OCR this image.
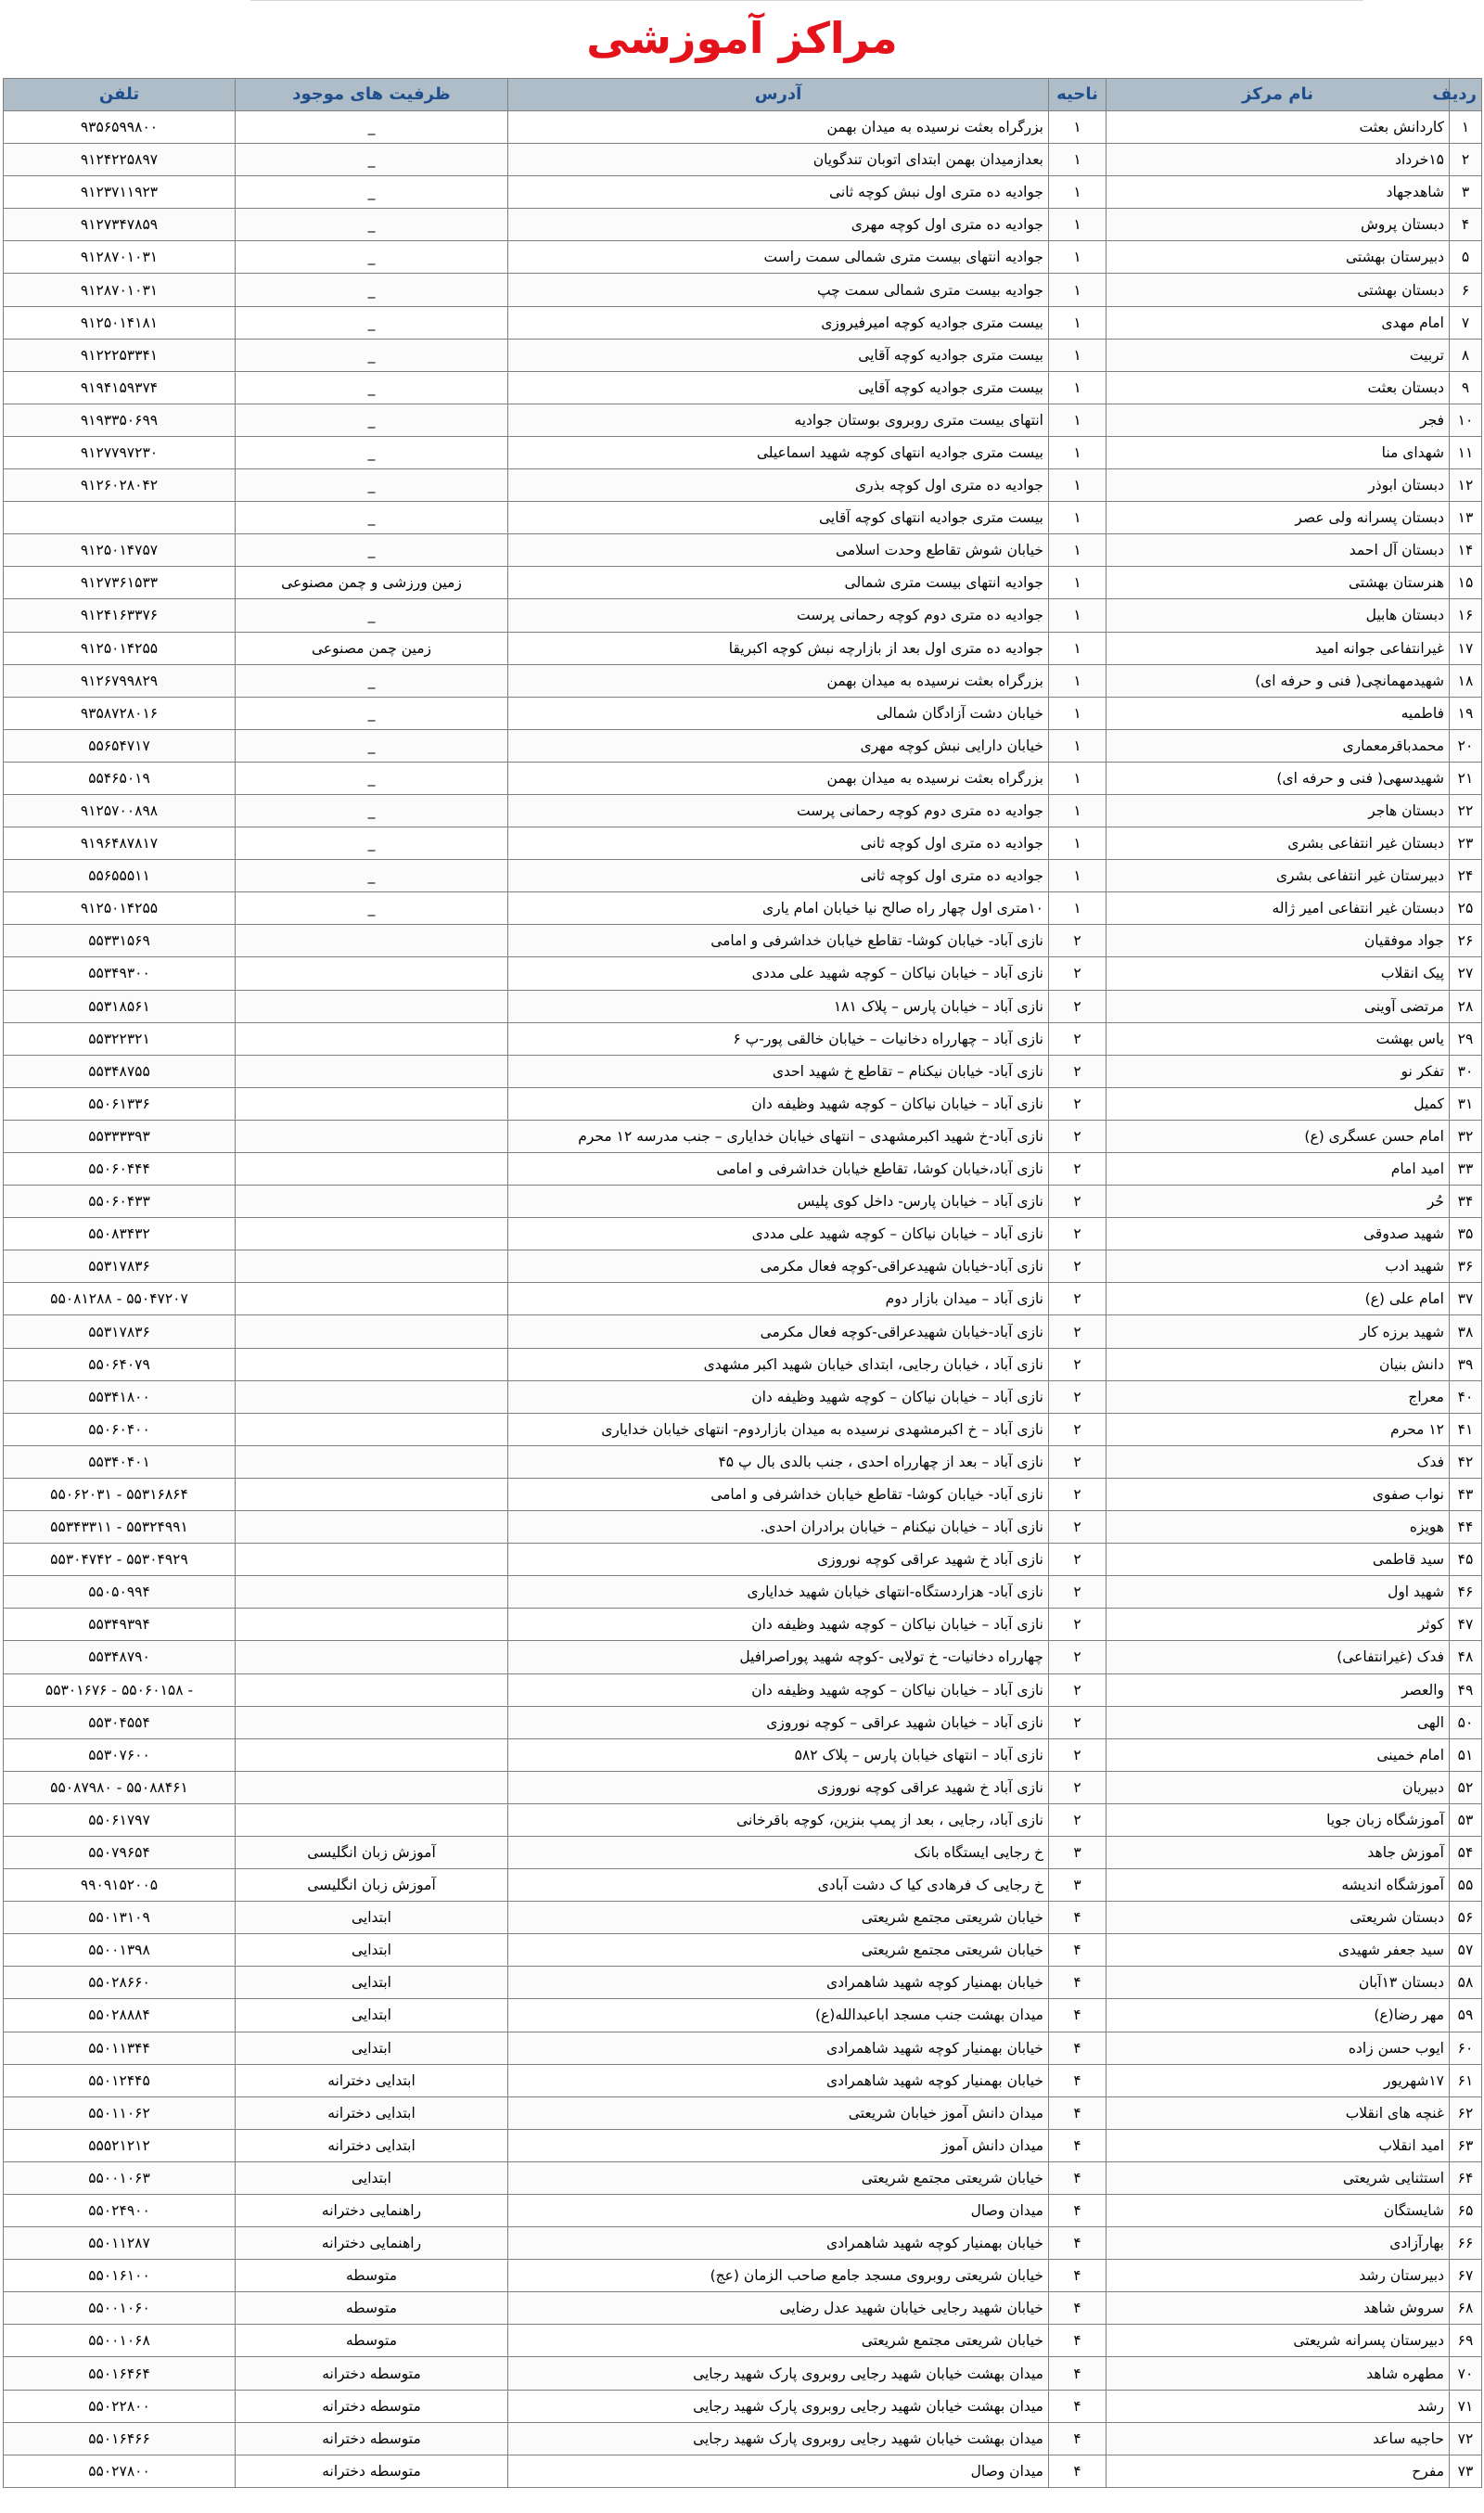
مراکز آموزشی
ردیف	نام مرکز	ناحیه	آدرس	ظرفیت های موجود	تلفن
۱	کاردانش بعثت	۱	بزرگراه بعثت نرسیده به میدان بهمن	_	۹۳۵۶۵۹۹۸۰۰
۲	۱۵خرداد	۱	بعدازمیدان بهمن ابتدای اتوبان تندگویان	_	۹۱۲۴۲۲۵۸۹۷
۳	شاهدجهاد	۱	جوادیه ده متری اول نبش کوچه ثانی	_	۹۱۲۳۷۱۱۹۲۳
۴	دبستان پروش	۱	جوادیه ده متری اول کوچه مهری	_	۹۱۲۷۳۴۷۸۵۹
۵	دبیرستان بهشتی	۱	جوادیه انتهای بیست متری شمالی سمت راست	_	۹۱۲۸۷۰۱۰۳۱
۶	دبستان بهشتی	۱	جوادیه بیست متری شمالی سمت چپ	_	۹۱۲۸۷۰۱۰۳۱
۷	امام مهدی	۱	بیست متری جوادیه کوچه امیرفیروزی	_	۹۱۲۵۰۱۴۱۸۱
۸	تربیت	۱	بیست متری جوادیه کوچه آقایی	_	۹۱۲۲۲۵۳۳۴۱
۹	دبستان بعثت	۱	بیست متری جوادیه کوچه آقایی	_	۹۱۹۴۱۵۹۳۷۴
۱۰	فجر	۱	انتهای بیست متری روبروی بوستان جوادیه	_	۹۱۹۳۳۵۰۶۹۹
۱۱	شهدای منا	۱	بیست متری جوادیه انتهای کوچه شهید اسماعیلی	_	۹۱۲۷۷۹۷۲۳۰
۱۲	دبستان ابوذر	۱	جوادیه ده متری اول کوچه بذری	_	۹۱۲۶۰۲۸۰۴۲
۱۳	دبستان پسرانه ولی عصر	۱	بیست متری جوادیه انتهای کوچه آقایی	_	
۱۴	دبستان آل احمد	۱	خیابان شوش تقاطع وحدت اسلامی	_	۹۱۲۵۰۱۴۷۵۷
۱۵	هنرستان بهشتی	۱	جوادیه انتهای بیست متری شمالی	زمین ورزشی و چمن مصنوعی	۹۱۲۷۳۶۱۵۳۳
۱۶	دبستان هابیل	۱	جوادیه ده متری دوم کوچه رحمانی پرست	_	۹۱۲۴۱۶۳۳۷۶
۱۷	غیرانتفاعی جوانه امید	۱	جوادیه ده متری اول بعد از بازارچه نبش کوچه اکبریقا	زمین چمن مصنوعی	۹۱۲۵۰۱۴۲۵۵
۱۸	شهیدمهمانچی( فنی و حرفه ای)	۱	بزرگراه بعثت نرسیده به میدان بهمن	_	۹۱۲۶۷۹۹۸۲۹
۱۹	فاطمیه	۱	خیابان دشت آزادگان شمالی	_	۹۳۵۸۷۲۸۰۱۶
۲۰	محمدباقرمعماری	۱	خیابان دارایی نبش کوچه مهری	_	۵۵۶۵۴۷۱۷
۲۱	شهیدسهی( فنی و حرفه ای)	۱	بزرگراه بعثت نرسیده به میدان بهمن	_	۵۵۴۶۵۰۱۹
۲۲	دبستان هاجر	۱	جوادیه ده متری دوم کوچه رحمانی پرست	_	۹۱۲۵۷۰۰۸۹۸
۲۳	دبستان غیر انتفاعی بشری	۱	جوادیه ده متری اول کوچه ثانی	_	۹۱۹۶۴۸۷۸۱۷
۲۴	دبیرستان غیر انتفاعی بشری	۱	جوادیه ده متری اول کوچه ثانی	_	۵۵۶۵۵۵۱۱
۲۵	دبستان غیر انتفاعی امیر ژاله	۱	۱۰متری اول چهار راه صالح نیا خیابان امام یاری	_	۹۱۲۵۰۱۴۲۵۵
۲۶	جواد موفقیان	۲	نازی آباد- خیابان کوشا- تقاطع خیابان خداشرفی و امامی		۵۵۳۳۱۵۶۹
۲۷	پیک انقلاب	۲	نازی آباد – خیابان نیاکان – کوچه شهید علی مددی		۵۵۳۴۹۳۰۰
۲۸	مرتضی آوینی	۲	نازی آباد – خیابان پارس – پلاک ۱۸۱		۵۵۳۱۸۵۶۱
۲۹	یاس بهشت	۲	نازی آباد – چهارراه دخانیات – خیابان خالقی پور-پ ۶		۵۵۳۲۲۳۲۱
۳۰	تفکر نو	۲	نازی آباد- خیابان نیکنام – تقاطع خ شهید احدی		۵۵۳۴۸۷۵۵
۳۱	کمیل	۲	نازی آباد – خیابان نیاکان – کوچه شهید وظیفه دان		۵۵۰۶۱۳۳۶
۳۲	امام حسن عسگری (ع)	۲	نازی آباد-خ شهید اکبرمشهدی – انتهای خیابان خدایاری – جنب مدرسه ۱۲ محرم		۵۵۳۳۳۳۹۳
۳۳	امید امام	۲	نازی آباد،خیابان کوشا، تقاطع خیابان خداشرفی و امامی		۵۵۰۶۰۴۴۴
۳۴	حُر	۲	نازی آباد – خیابان پارس- داخل کوی پلیس		۵۵۰۶۰۴۳۳
۳۵	شهید صدوقی	۲	نازی آباد – خیابان نیاکان – کوچه شهید علی مددی		۵۵۰۸۳۴۳۲
۳۶	شهید ادب	۲	نازی آباد-خیابان شهیدعراقی-کوچه فعال مکرمی		۵۵۳۱۷۸۳۶
۳۷	امام علی (ع)	۲	نازی آباد – میدان بازار دوم		۵۵۰۸۱۲۸۸ - ۵۵۰۴۷۲۰۷
۳۸	شهید برزه کار	۲	نازی آباد-خیابان شهیدعراقی-کوچه فعال مکرمی		۵۵۳۱۷۸۳۶
۳۹	دانش بنیان	۲	نازی آباد ، خیابان رجایی، ابتدای خیابان شهید اکبر مشهدی		۵۵۰۶۴۰۷۹
۴۰	معراج	۲	نازی آباد – خیابان نیاکان – کوچه شهید وظیفه دان		۵۵۳۴۱۸۰۰
۴۱	۱۲ محرم	۲	نازی آباد – خ اکبرمشهدی نرسیده به میدان بازاردوم- انتهای خیابان خدایاری		۵۵۰۶۰۴۰۰
۴۲	فدک	۲	نازی آباد – بعد از چهارراه احدی ، جنب بالدی بال پ ۴۵		۵۵۳۴۰۴۰۱
۴۳	نواب صفوی	۲	نازی آباد- خیابان کوشا- تقاطع خیابان خداشرفی و امامی		۵۵۰۶۲۰۳۱ - ۵۵۳۱۶۸۶۴
۴۴	هویزه	۲	نازی آباد – خیابان نیکنام – خیابان برادران احدی.		۵۵۳۴۳۳۱۱ - ۵۵۳۲۴۹۹۱
۴۵	سید قاطمی	۲	نازی آباد خ شهید عراقی کوچه نوروزی		۵۵۳۰۴۷۴۲ - ۵۵۳۰۴۹۲۹
۴۶	شهید اول	۲	نازی آباد- هزاردستگاه-انتهای خیابان شهید خدایاری		۵۵۰۵۰۹۹۴
۴۷	کوثر	۲	نازی آباد – خیابان نیاکان – کوچه شهید وظیفه دان		۵۵۳۴۹۳۹۴
۴۸	فدک (غیرانتفاعی)	۲	چهارراه دخانیات- خ تولایی -کوچه شهید پوراصرافیل		۵۵۳۴۸۷۹۰
۴۹	والعصر	۲	نازی آباد – خیابان نیاکان – کوچه شهید وظیفه دان		۵۵۳۰۱۶۷۶ - ۵۵۰۶۰۱۵۸ -
۵۰	الهی	۲	نازی آباد – خیابان شهید عراقی – کوچه نوروزی		۵۵۳۰۴۵۵۴
۵۱	امام خمینی	۲	نازی آباد – انتهای خیابان پارس – پلاک ۵۸۲		۵۵۳۰۷۶۰۰
۵۲	دبیریان	۲	نازی آباد خ شهید عراقی کوچه نوروزی		۵۵۰۸۷۹۸۰ - ۵۵۰۸۸۴۶۱
۵۳	آموزشگاه زبان جویا	۲	نازی آباد، رجایی ، بعد از پمپ بنزین، کوچه باقرخانی		۵۵۰۶۱۷۹۷
۵۴	آموزش جاهد	۳	خ رجایی ایستگاه بانک	آموزش زبان انگلیسی	۵۵۰۷۹۶۵۴
۵۵	آموزشگاه اندیشه	۳	خ رجایی ک فرهادی کیا ک دشت آبادی	آموزش زبان انگلیسی	۹۹۰۹۱۵۲۰۰۵
۵۶	دبستان شریعتی	۴	خیابان شریعتی مجتمع شریعتی	ابتدایی	۵۵۰۱۳۱۰۹
۵۷	سید جعفر شهیدی	۴	خیابان شریعتی مجتمع شریعتی	ابتدایی	۵۵۰۰۱۳۹۸
۵۸	دبستان ۱۳آبان	۴	خیابان بهمنیار کوچه شهید شاهمرادی	ابتدایی	۵۵۰۲۸۶۶۰
۵۹	مهر رضا(ع)	۴	میدان بهشت جنب مسجد اباعبدالله(ع)	ابتدایی	۵۵۰۲۸۸۸۴
۶۰	ایوب حسن زاده	۴	خیابان بهمنیار کوچه شهید شاهمرادی	ابتدایی	۵۵۰۱۱۳۴۴
۶۱	۱۷شهریور	۴	خیابان بهمنیار کوچه شهید شاهمرادی	ابتدایی دخترانه	۵۵۰۱۲۴۴۵
۶۲	غنچه های انقلاب	۴	میدان دانش آموز خیابان شریعتی	ابتدایی دخترانه	۵۵۰۱۱۰۶۲
۶۳	امید انقلاب	۴	میدان دانش آموز	ابتدایی دخترانه	۵۵۵۲۱۲۱۲
۶۴	استثنایی شریعتی	۴	خیابان شریعتی مجتمع شریعتی	ابتدایی	۵۵۰۰۱۰۶۳
۶۵	شایستگان	۴	میدان وصال	راهنمایی دخترانه	۵۵۰۲۴۹۰۰
۶۶	بهارآزادی	۴	خیابان بهمنیار کوچه شهید شاهمرادی	راهنمایی دخترانه	۵۵۰۱۱۲۸۷
۶۷	دبیرستان رشد	۴	خیابان شریعتی روبروی مسجد جامع صاحب الزمان (عج)	متوسطه	۵۵۰۱۶۱۰۰
۶۸	سروش شاهد	۴	خیابان شهید رجایی خیابان شهید عدل رضایی	متوسطه	۵۵۰۰۱۰۶۰
۶۹	دبیرستان پسرانه شریعتی	۴	خیابان شریعتی مجتمع شریعتی	متوسطه	۵۵۰۰۱۰۶۸
۷۰	مطهره شاهد	۴	میدان بهشت خیابان شهید رجایی روبروی پارک شهید رجایی	متوسطه دخترانه	۵۵۰۱۶۴۶۴
۷۱	رشد	۴	میدان بهشت خیابان شهید رجایی روبروی پارک شهید رجایی	متوسطه دخترانه	۵۵۰۲۲۸۰۰
۷۲	حاجیه ساعد	۴	میدان بهشت خیابان شهید رجایی روبروی پارک شهید رجایی	متوسطه دخترانه	۵۵۰۱۶۴۶۶
۷۳	مفرح	۴	میدان وصال	متوسطه دخترانه	۵۵۰۲۷۸۰۰
